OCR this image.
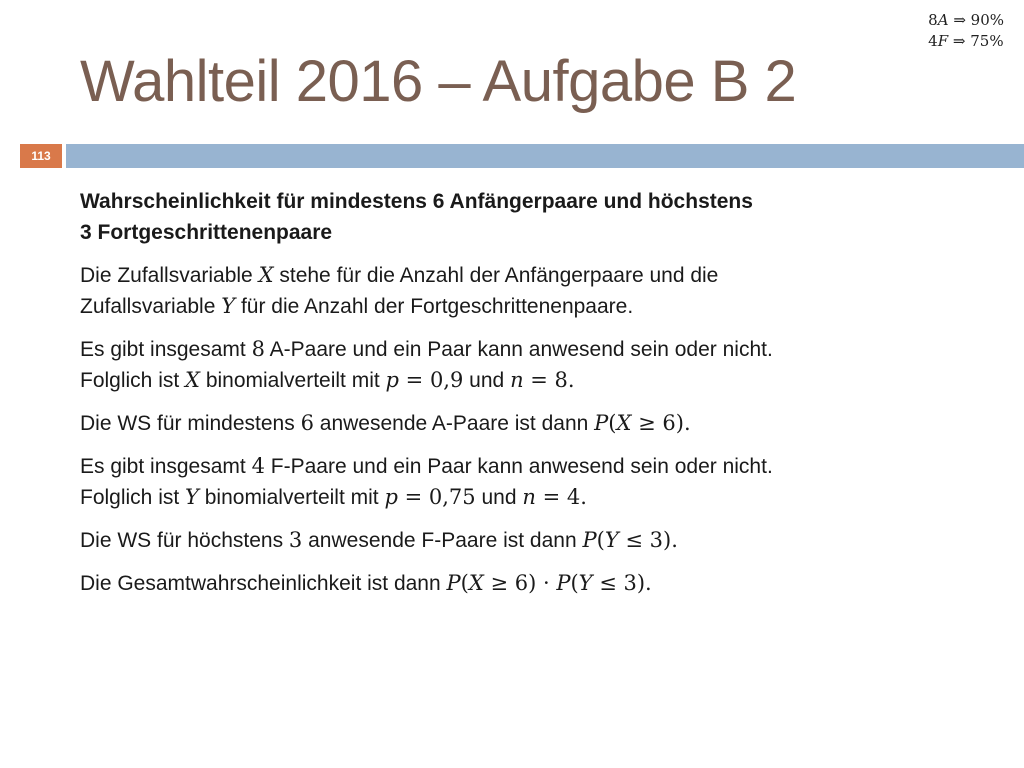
8𝐴 ⇒ 90%
4𝐹 ⇒ 75%
Wahlteil 2016 – Aufgabe B 2
113

Wahrscheinlichkeit für mindestens 6 Anfängerpaare und höchstens
3 Fortgeschrittenenpaare

Die Zufallsvariable X stehe für die Anzahl der Anfängerpaare und die
Zufallsvariable Y für die Anzahl der Fortgeschrittenenpaare.

Es gibt insgesamt 8 A-Paare und ein Paar kann anwesend sein oder nicht.
Folglich ist X binomialverteilt mit p = 0,9 und n = 8.

Die WS für mindestens 6 anwesende A-Paare ist dann P(X ≥ 6).

Es gibt insgesamt 4 F-Paare und ein Paar kann anwesend sein oder nicht.
Folglich ist Y binomialverteilt mit p = 0,75 und n = 4.

Die WS für höchstens 3 anwesende F-Paare ist dann P(Y ≤ 3).

Die Gesamtwahrscheinlichkeit ist dann P(X ≥ 6) · P(Y ≤ 3).
